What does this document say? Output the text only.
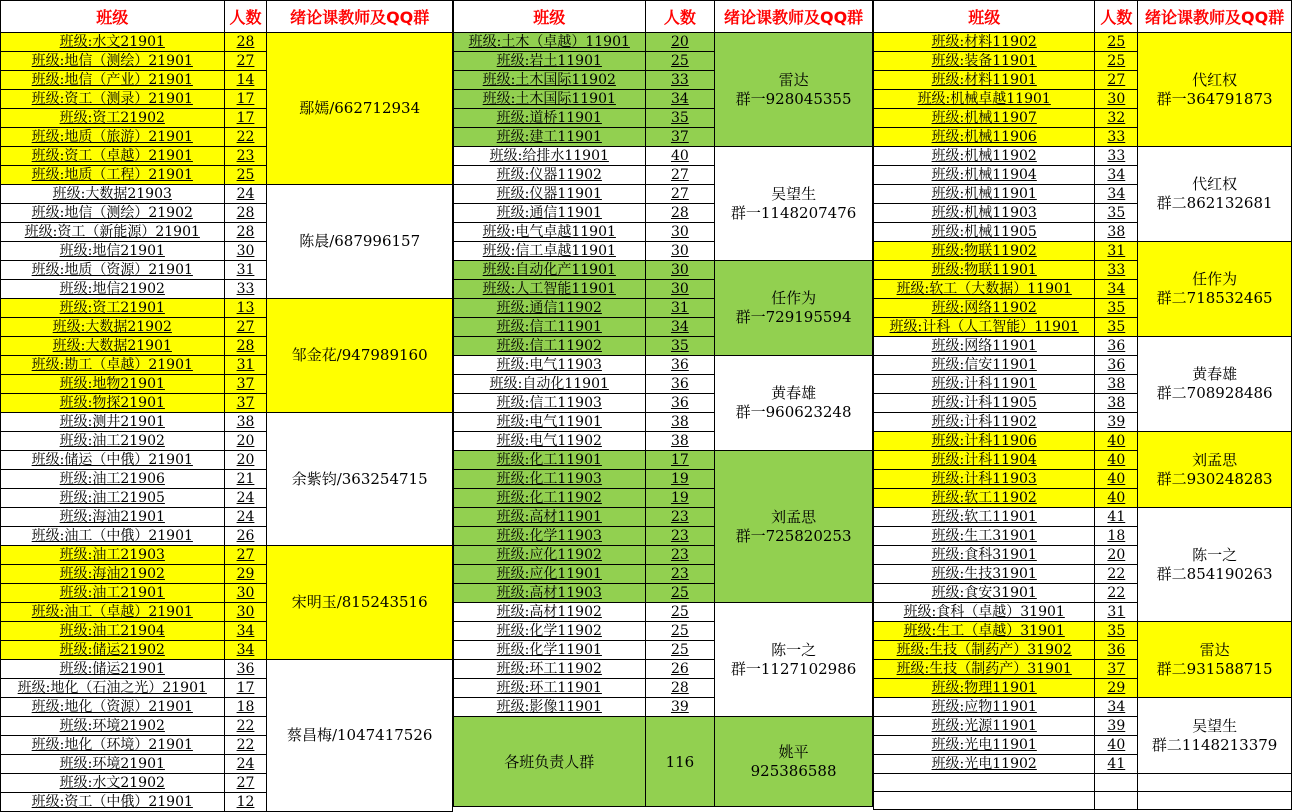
班级	人数	绪论课教师及QQ群
班级:水文21901	28	鄢嫣/662712934

班级:地信（测绘）21901	27	
班级:地信（产业）21901	14	
班级:资工（测录）21901	17	
班级:资工21902	17	
班级:地质（旅游）21901	22	
班级:资工（卓越）21901	23	
班级:地质（工程）21901	25	
班级:大数据21903	24	陈晨/687996157

班级:地信（测绘）21902	28	
班级:资工（新能源）21901	28	
班级:地信21901	30	
班级:地质（资源）21901	31	
班级:地信21902	33	
班级:资工21901	13	邹金花/947989160

班级:大数据21902	27	
班级:大数据21901	28	
班级:勘工（卓越）21901	31	
班级:地物21901	37	
班级:物探21901	37	
班级:测井21901	38	余紫钧/363254715

班级:油工21902	20	
班级:储运（中俄）21901	20	
班级:油工21906	21	
班级:油工21905	24	
班级:海油21901	24	
班级:油工（中俄）21901	26	
班级:油工21903	27	宋明玉/815243516

班级:海油21902	29	
班级:油工21901	30	
班级:油工（卓越）21901	30	
班级:油工21904	34	
班级:储运21902	34	
班级:储运21901	36	蔡昌梅/1047417526

班级:地化（石油之光）21901	17	
班级:地化（资源）21901	18	
班级:环境21902	22	
班级:地化（环境）21901	22	
班级:环境21901	24	
班级:水文21902	27	
班级:资工（中俄）21901	12	
班级	人数	绪论课教师及QQ群
班级:土木（卓越）11901	20	雷达
群一928045355

班级:岩土11901	25	
班级:土木国际11902	33	
班级:土木国际11901	34	
班级:道桥11901	35	
班级:建工11901	37	
班级:给排水11901	40	吴望生
群一1148207476

班级:仪器11902	27	
班级:仪器11901	27	
班级:通信11901	28	
班级:电气卓越11901	30	
班级:信工卓越11901	30	
班级:自动化产11901	30	任作为
群一729195594

班级:人工智能11901	30	
班级:通信11902	31	
班级:信工11901	34	
班级:信工11902	35	
班级:电气11903	36	黄春雄
群一960623248

班级:自动化11901	36	
班级:信工11903	36	
班级:电气11901	38	
班级:电气11902	38	
班级:化工11901	17	刘孟思
群一725820253

班级:化工11903	19	
班级:化工11902	19	
班级:高材11901	23	
班级:化学11903	23	
班级:应化11902	23	
班级:应化11901	23	
班级:高材11903	25	
班级:高材11902	25	陈一之
群一1127102986

班级:化学11902	25	
班级:化学11901	25	
班级:环工11902	26	
班级:环工11901	28	
班级:影像11901	39	
各班负责人群	116	姚平
925386588
班级	人数	绪论课教师及QQ群
班级:材料11902	25	代红权
群一364791873

班级:装备11901	25	
班级:材料11901	27	
班级:机械卓越11901	30	
班级:机械11907	32	
班级:机械11906	33	
班级:机械11902	33	代红权
群二862132681

班级:机械11904	34	
班级:机械11901	34	
班级:机械11903	35	
班级:机械11905	38	
班级:物联11902	31	任作为
群二718532465

班级:物联11901	33	
班级:软工（大数据）11901	34	
班级:网络11902	35	
班级:计科（人工智能）11901	35	
班级:网络11901	36	黄春雄
群二708928486

班级:信安11901	36	
班级:计科11901	38	
班级:计科11905	38	
班级:计科11902	39	
班级:计科11906	40	刘孟思
群二930248283

班级:计科11904	40	
班级:计科11903	40	
班级:软工11902	40	
班级:软工11901	41	陈一之
群二854190263

班级:生工31901	18	
班级:食科31901	20	
班级:生技31901	22	
班级:食安31901	22	
班级:食科（卓越）31901	31	
班级:生工（卓越）31901	35	雷达
群二931588715

班级:生技（制药产）31902	36	
班级:生技（制药产）31901	37	
班级:物理11901	29	
班级:应物11901	34	吴望生
群二1148213379

班级:光源11901	39	
班级:光电11901	40	
班级:光电11902	41	
